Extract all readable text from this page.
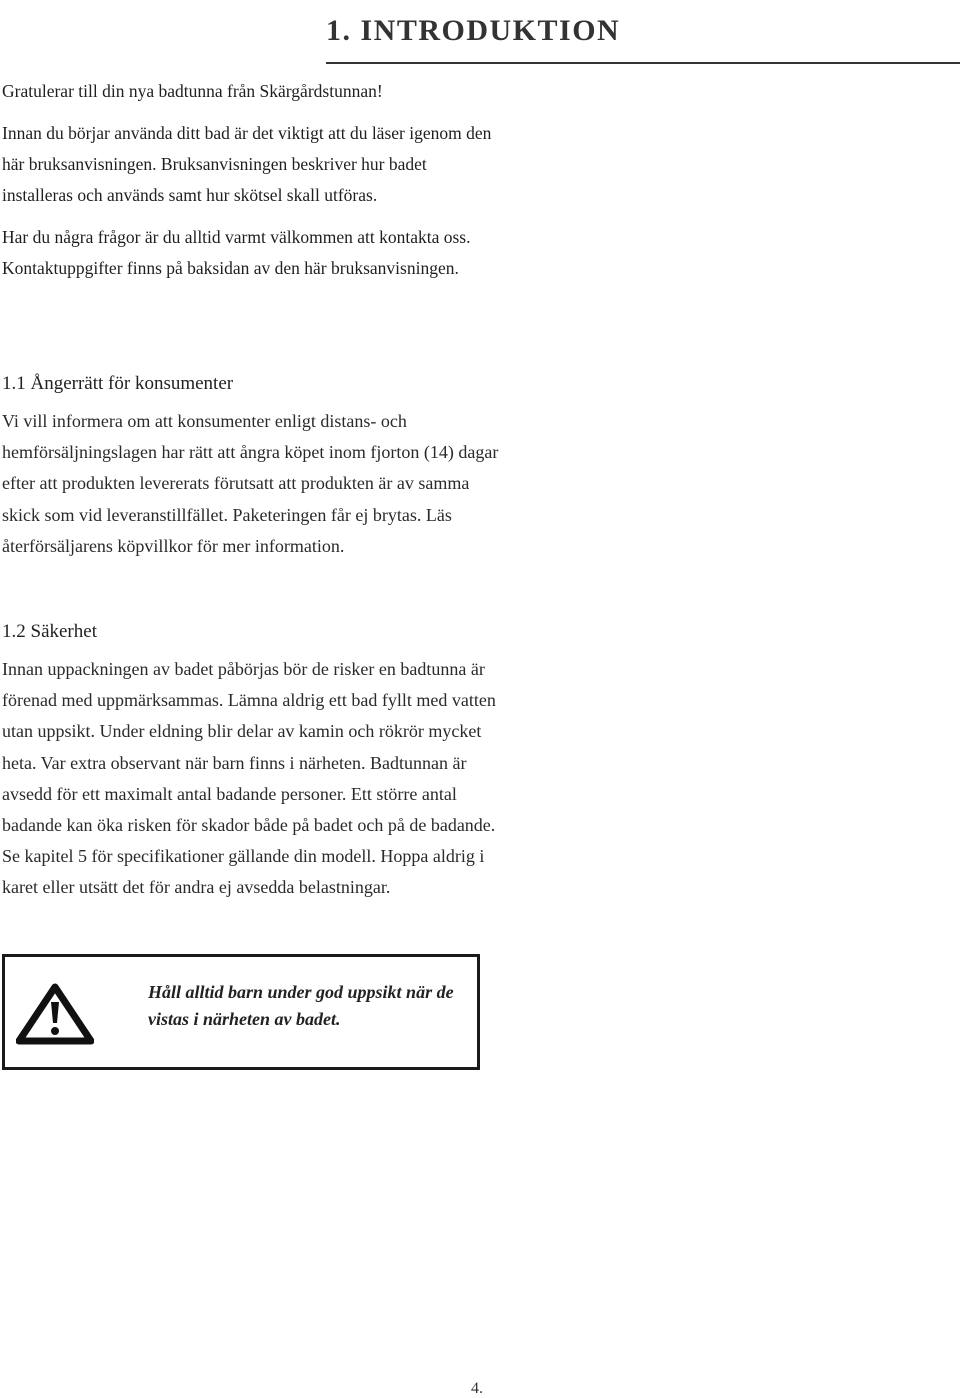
1. INTRODUKTION

Gratulerar till din nya badtunna från Skärgårdstunnan!

Innan du börjar använda ditt bad är det viktigt att du läser igenom den här bruksanvisningen. Bruksanvisningen beskriver hur badet installeras och används samt hur skötsel skall utföras.

Har du några frågor är du alltid varmt välkommen att kontakta oss. Kontaktuppgifter finns på baksidan av den här bruksanvisningen.

1.1 Ångerrätt för konsumenter

Vi vill informera om att konsumenter enligt distans- och hemförsäljningslagen har rätt att ångra köpet inom fjorton (14) dagar efter att produkten levererats förutsatt att produkten är av samma skick som vid leveranstillfället. Paketeringen får ej brytas. Läs återförsäljarens köpvillkor för mer information.

1.2 Säkerhet

Innan uppackningen av badet påbörjas bör de risker en badtunna är förenad med uppmärksammas. Lämna aldrig ett bad fyllt med vatten utan uppsikt. Under eldning blir delar av kamin och rökrör mycket heta. Var extra observant när barn finns i närheten. Badtunnan är avsedd för ett maximalt antal badande personer. Ett större antal badande kan öka risken för skador både på badet och på de badande. Se kapitel 5 för specifikationer gällande din modell. Hoppa aldrig i karet eller utsätt det för andra ej avsedda belastningar.

Håll alltid barn under god uppsikt när de vistas i närheten av badet.

4.
